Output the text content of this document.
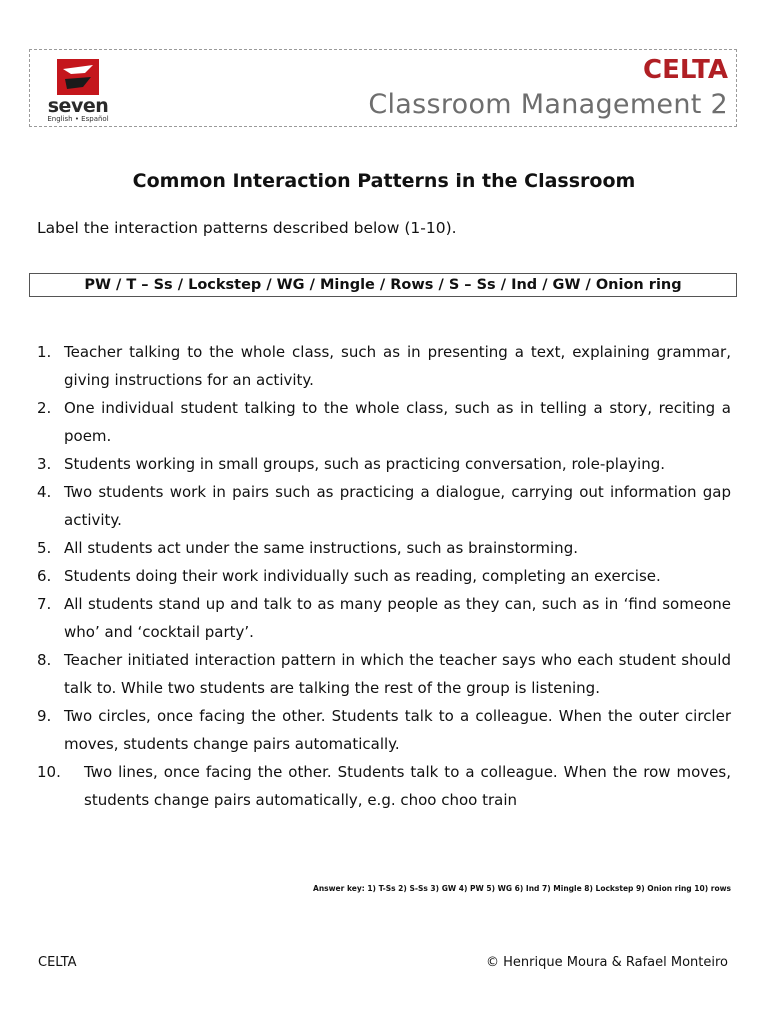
seven
English • Español
CELTA
Classroom Management 2
Common Interaction Patterns in the Classroom
Label the interaction patterns described below (1-10).
PW / T – Ss / Lockstep / WG / Mingle / Rows / S – Ss / Ind / GW / Onion ring
1. Teacher talking to the whole class, such as in presenting a text, explaining grammar, giving instructions for an activity.
2. One individual student talking to the whole class, such as in telling a story, reciting a poem.
3. Students working in small groups, such as practicing conversation, role-playing.
4. Two students work in pairs such as practicing a dialogue, carrying out information gap activity.
5. All students act under the same instructions, such as brainstorming.
6. Students doing their work individually such as reading, completing an exercise.
7. All students stand up and talk to as many people as they can, such as in ‘find someone who’ and ‘cocktail party’.
8. Teacher initiated interaction pattern in which the teacher says who each student should talk to. While two students are talking the rest of the group is listening.
9. Two circles, once facing the other. Students talk to a colleague. When the outer circler moves, students change pairs automatically.
10.	Two lines, once facing the other. Students talk to a colleague. When the row moves, students change pairs automatically, e.g. choo choo train
Answer key: 1) T-Ss 2) S-Ss 3) GW 4) PW 5) WG 6) Ind 7) Mingle 8) Lockstep 9) Onion ring 10) rows
CELTA	© Henrique Moura & Rafael Monteiro
